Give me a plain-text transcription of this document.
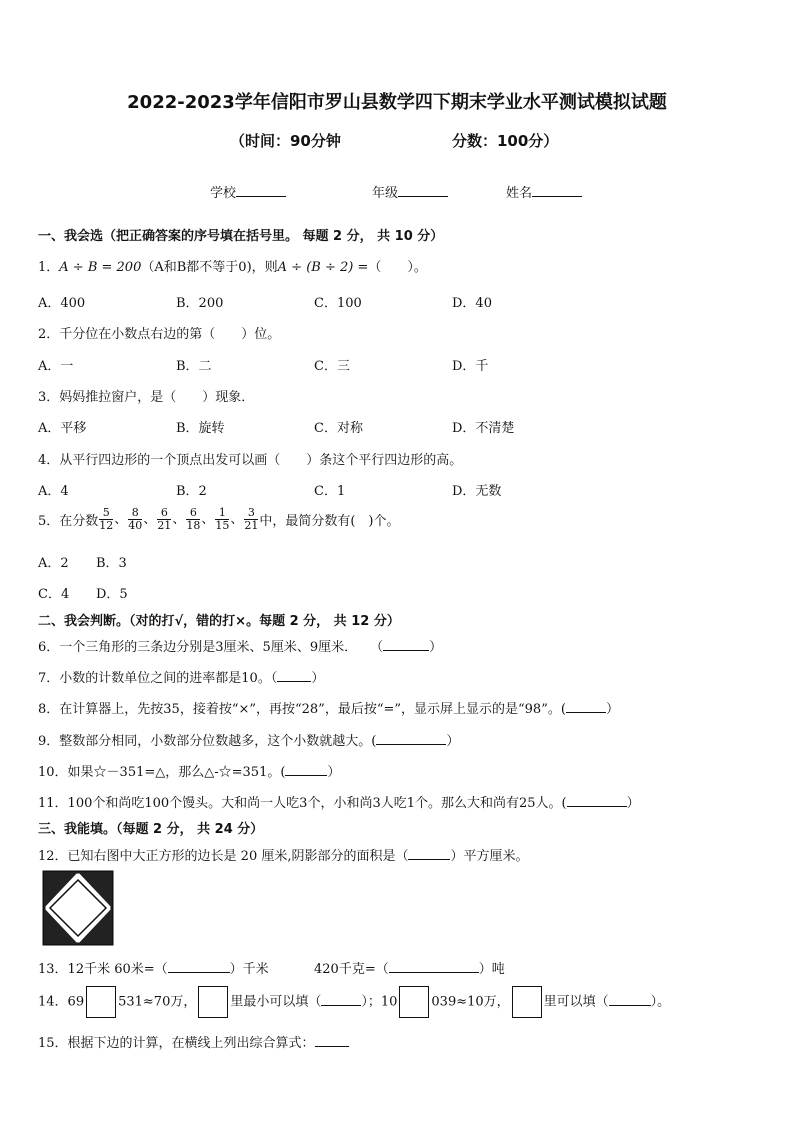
2022-2023学年信阳市罗山县数学四下期末学业水平测试模拟试题
（时间：90分钟	分数：100分）
学校	年级	姓名
一、我会选（把正确答案的序号填在括号里。 每题 2 分， 共 10 分）
1．A ÷ B = 200（A和B都不等于0)，则A ÷ (B ÷ 2) =（　　）。
A．400	B．200	C．100	D．40
2．千分位在小数点右边的第（　　）位。
A．一	B．二	C．三	D．千
3．妈妈推拉窗户，是（　　）现象．
A．平移	B．旋转	C．对称	D．不清楚
4．从平行四边形的一个顶点出发可以画（　　）条这个平行四边形的高。
A．4	B．2	C．1	D．无数
5．在分数 $\frac{5}{12}$ 、 $\frac{8}{40}$ 、 $\frac{6}{21}$ 、 $\frac{6}{18}$ 、 $\frac{1}{15}$ 、 $\frac{3}{21}$ 中，最简分数有(　)个。
A．2 B．3
C．4 D．5
二、我会判断。（对的打√，错的打×。每题 2 分， 共 12 分）
6．一个三角形的三条边分别是3厘米、5厘米、9厘米．　　（	）
7．小数的计数单位之间的进率都是10。（	）
8．在计算器上，先按35，接着按“×”，再按“28”，最后按“=”，显示屏上显示的是“98”。(	）
9．整数部分相同，小数部分位数越多，这个小数就越大。(	）
10．如果☆－351=△，那么△-☆=351。(	）
11．100个和尚吃100个馒头。大和尚一人吃3个，小和尚3人吃1个。那么大和尚有25人。(	）
三、我能填。（每题 2 分， 共 24 分）
12．已知右图中大正方形的边长是 20 厘米,阴影部分的面积是（	）平方厘米。
13．12千米 60米=（	）千米	420千克=（	）吨
14．69	531≈70万，	里最小可以填（	）；10	039≈10万，	里可以填（	）。
15．根据下边的计算，在横线上列出综合算式：
